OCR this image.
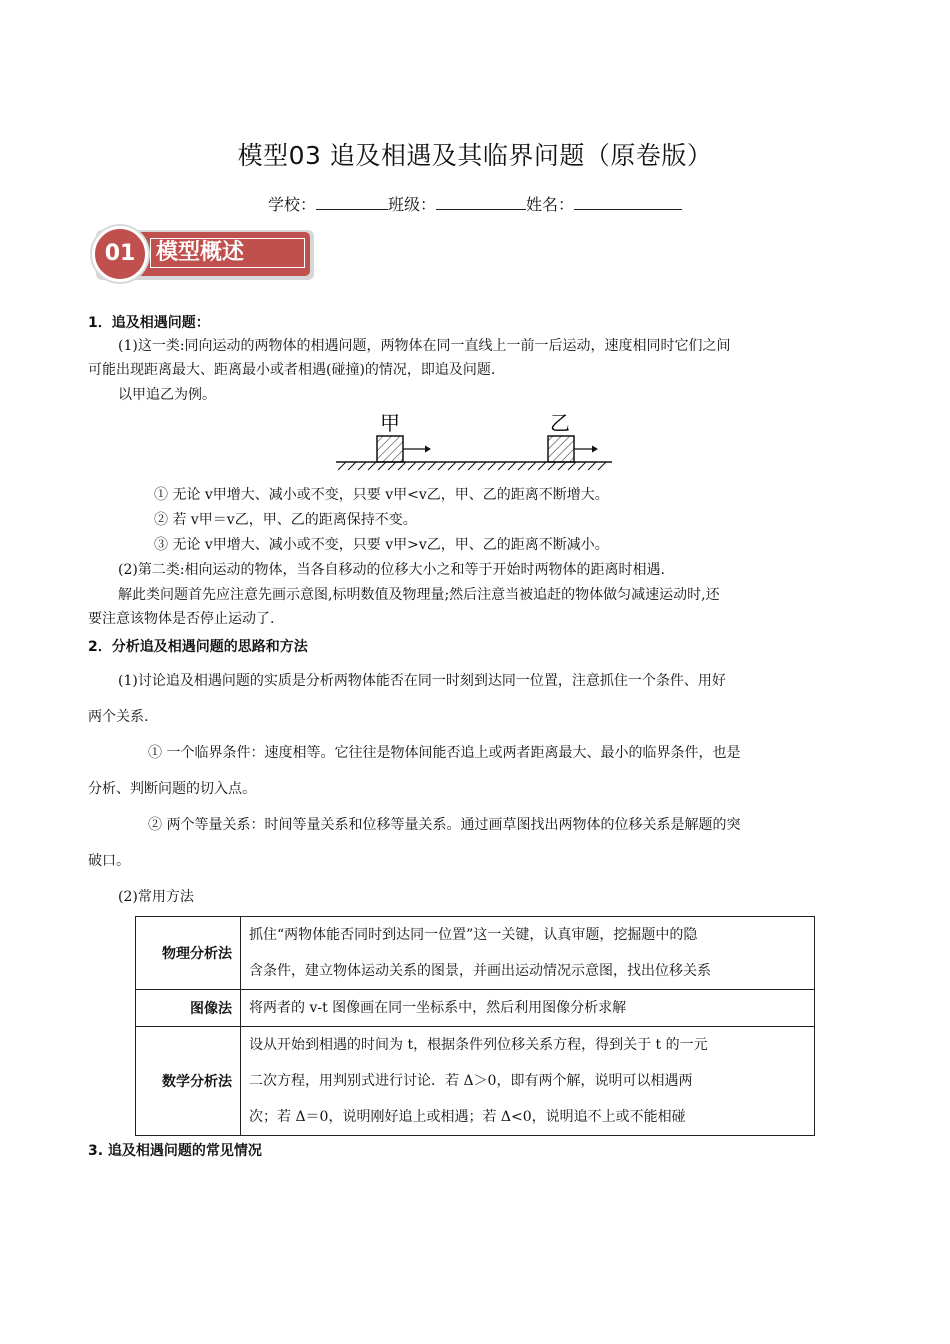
模型03 追及相遇及其临界问题（原卷版）
学校：	班级：	姓名：
模型概述
01
1．追及相遇问题：
(1)这一类:同向运动的两物体的相遇问题，两物体在同一直线上一前一后运动，速度相同时它们之间
可能出现距离最大、距离最小或者相遇(碰撞)的情况，即追及问题.
以甲追乙为例。
甲	乙
① 无论 v甲增大、减小或不变，只要 v甲<v乙，甲、乙的距离不断增大。
② 若 v甲＝v乙，甲、乙的距离保持不变。
③ 无论 v甲增大、减小或不变，只要 v甲>v乙，甲、乙的距离不断减小。
(2)第二类:相向运动的物体，当各自移动的位移大小之和等于开始时两物体的距离时相遇.
解此类问题首先应注意先画示意图,标明数值及物理量;然后注意当被追赶的物体做匀减速运动时,还
要注意该物体是否停止运动了.
2．分析追及相遇问题的思路和方法
(1)讨论追及相遇问题的实质是分析两物体能否在同一时刻到达同一位置，注意抓住一个条件、用好
两个关系.
① 一个临界条件：速度相等。它往往是物体间能否追上或两者距离最大、最小的临界条件，也是
分析、判断问题的切入点。
② 两个等量关系：时间等量关系和位移等量关系。通过画草图找出两物体的位移关系是解题的突
破口。
(2)常用方法
物理分析法	抓住“两物体能否同时到达同一位置”这一关键，认真审题，挖掘题中的隐
含条件，建立物体运动关系的图景，并画出运动情况示意图，找出位移关系

图像法	将两者的 v-t 图像画在同一坐标系中，然后利用图像分析求解

数学分析法	设从开始到相遇的时间为 t，根据条件列位移关系方程，得到关于 t 的一元
二次方程，用判别式进行讨论．若 Δ＞0，即有两个解，说明可以相遇两
次；若 Δ＝0，说明刚好追上或相遇；若 Δ<0，说明追不上或不能相碰
3. 追及相遇问题的常见情况
